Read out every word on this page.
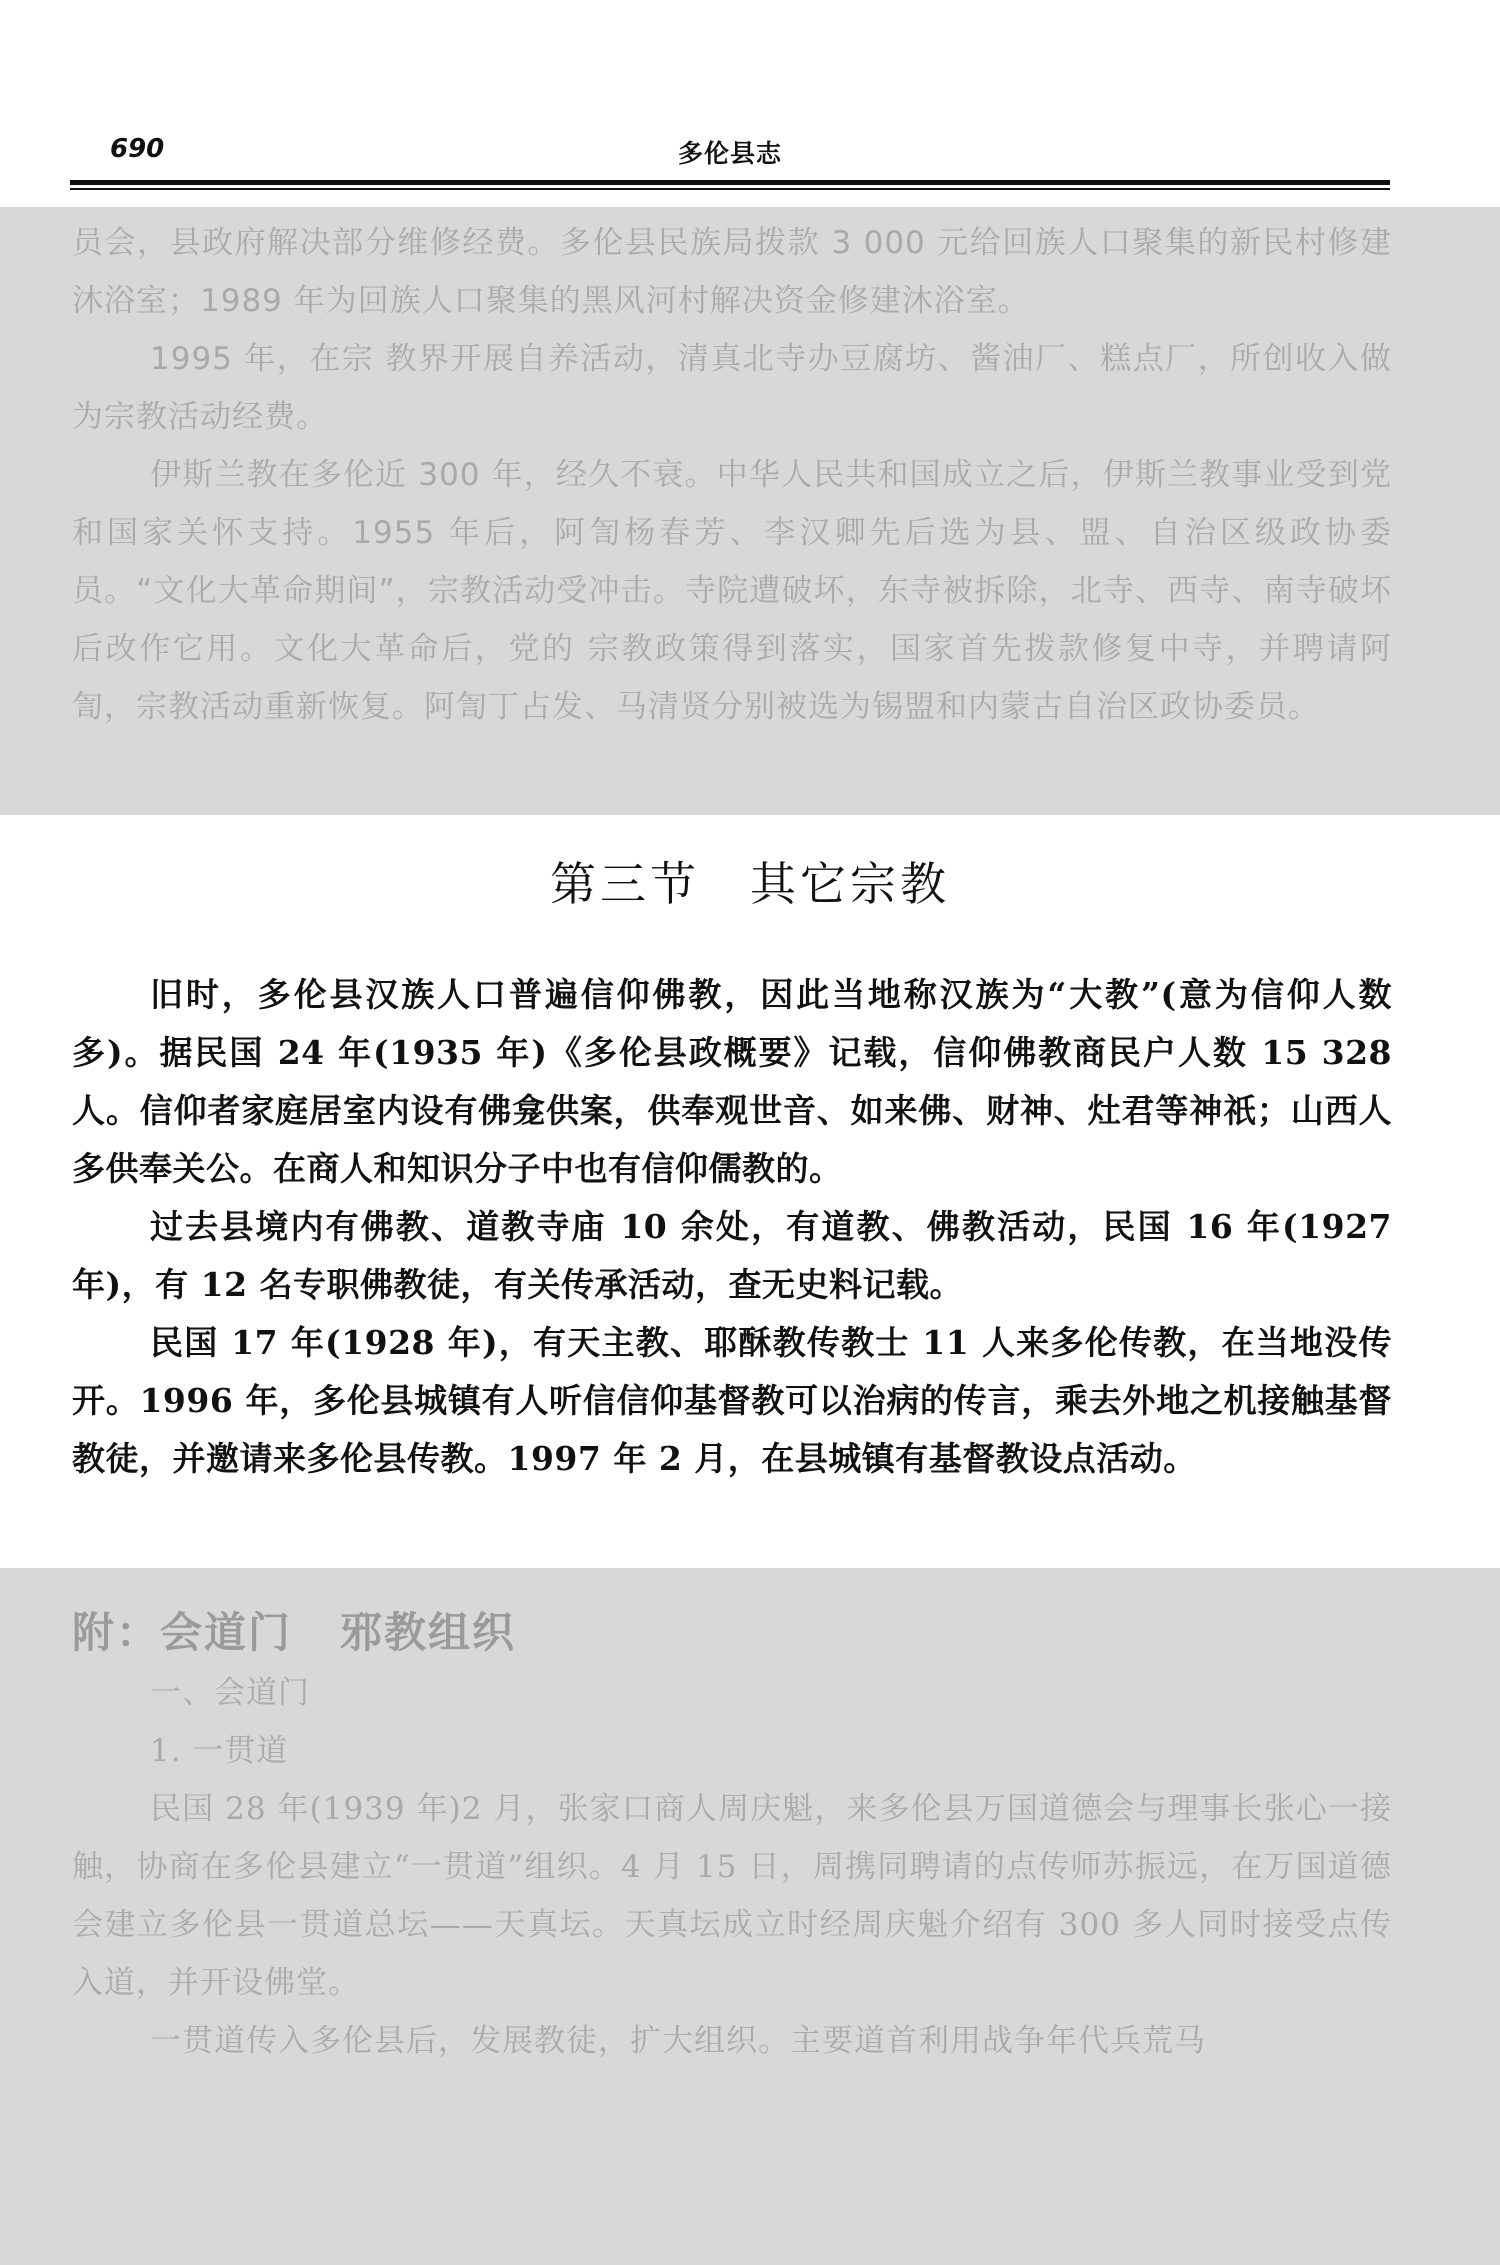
690	多伦县志

员会，县政府解决部分维修经费。多伦县民族局拨款 3 000 元给回族人口聚集的新民村修建沐浴室；1989 年为回族人口聚集的黑风河村解决资金修建沐浴室。

1995 年，在宗 教界开展自养活动，清真北寺办豆腐坊、酱油厂、糕点厂，所创收入做为宗教活动经费。

伊斯兰教在多伦近 300 年，经久不衰。中华人民共和国成立之后，伊斯兰教事业受到党和国家关怀支持。1955 年后，阿訇杨春芳、李汉卿先后选为县、盟、自治区级政协委员。“文化大革命期间”，宗教活动受冲击。寺院遭破坏，东寺被拆除，北寺、西寺、南寺破坏后改作它用。文化大革命后，党的 宗教政策得到落实，国家首先拨款修复中寺，并聘请阿訇，宗教活动重新恢复。阿訇丁占发、马清贤分别被选为锡盟和内蒙古自治区政协委员。

第三节　其它宗教

旧时，多伦县汉族人口普遍信仰佛教，因此当地称汉族为“大教”(意为信仰人数多)。据民国 24 年(1935 年)《多伦县政概要》记载，信仰佛教商民户人数 15 328人。信仰者家庭居室内设有佛龛供案，供奉观世音、如来佛、财神、灶君等神祇；山西人多供奉关公。在商人和知识分子中也有信仰儒教的。

过去县境内有佛教、道教寺庙 10 余处，有道教、佛教活动，民国 16 年(1927 年)，有 12 名专职佛教徒，有关传承活动，查无史料记载。

民国 17 年(1928 年)，有天主教、耶酥教传教士 11 人来多伦传教，在当地没传开。1996 年，多伦县城镇有人听信信仰基督教可以治病的传言，乘去外地之机接触基督教徒，并邀请来多伦县传教。1997 年 2 月，在县城镇有基督教设点活动。

附：会道门 邪教组织

一、会道门

1. 一贯道

民国 28 年(1939 年)2 月，张家口商人周庆魁，来多伦县万国道德会与理事长张心一接触，协商在多伦县建立“一贯道”组织。4 月 15 日，周携同聘请的点传师苏振远，在万国道德会建立多伦县一贯道总坛——天真坛。天真坛成立时经周庆魁介绍有 300 多人同时接受点传入道，并开设佛堂。

一贯道传入多伦县后，发展教徒，扩大组织。主要道首利用战争年代兵荒马
